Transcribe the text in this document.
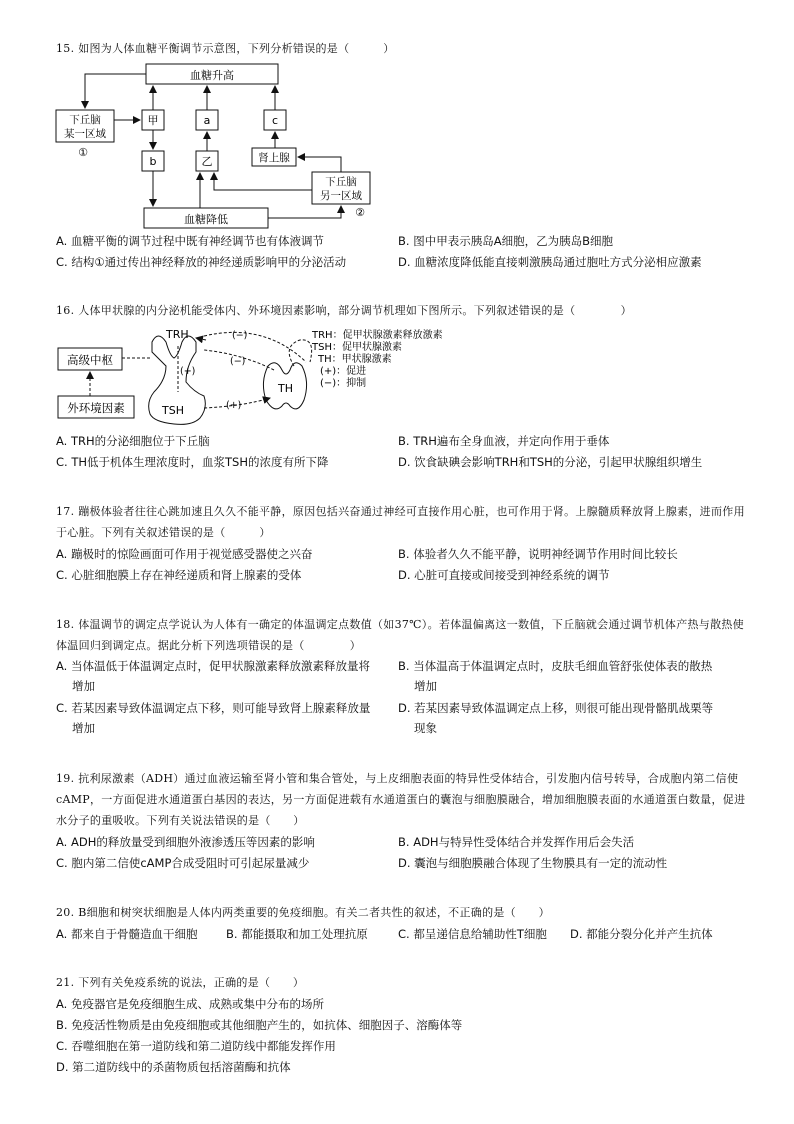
15. 如图为人体血糖平衡调节示意图，下列分析错误的是（　　　）
血糖升高
下丘脑
某一区域
①
甲	a	c
b	乙	肾上腺
下丘脑
另一区域
②
血糖降低
A. 血糖平衡的调节过程中既有神经调节也有体液调节	B. 图中甲表示胰岛A细胞，乙为胰岛B细胞
C. 结构①通过传出神经释放的神经递质影响甲的分泌活动	D. 血糖浓度降低能直接刺激胰岛通过胞吐方式分泌相应激素
16. 人体甲状腺的内分泌机能受体内、外环境因素影响，部分调节机理如下图所示。下列叙述错误的是（　　　　）
高级中枢
外环境因素
TRH
TSH
(+)
TH
(−)
(−)
(+)
TRH：促甲状腺激素释放激素
TSH：促甲状腺激素
TH：甲状腺激素
(+)：促进
(−)：抑制
A. TRH的分泌细胞位于下丘脑	B. TRH遍布全身血液，并定向作用于垂体
C. TH低于机体生理浓度时，血浆TSH的浓度有所下降	D. 饮食缺碘会影响TRH和TSH的分泌，引起甲状腺组织增生
17. 蹦极体验者往往心跳加速且久久不能平静，原因包括兴奋通过神经可直接作用心脏，也可作用于肾。上腺髓质释放肾上腺素，进而作用于心脏。下列有关叙述错误的是（　　　）
A. 蹦极时的惊险画面可作用于视觉感受器使之兴奋	B. 体验者久久不能平静，说明神经调节作用时间比较长
C. 心脏细胞膜上存在神经递质和肾上腺素的受体	D. 心脏可直接或间接受到神经系统的调节
18. 体温调节的调定点学说认为人体有一确定的体温调定点数值（如37℃）。若体温偏离这一数值，下丘脑就会通过调节机体产热与散热使体温回归到调定点。据此分析下列选项错误的是（　　　　）
A. 当体温低于体温调定点时，促甲状腺激素释放激素释放量将
增加
B. 当体温高于体温调定点时，皮肤毛细血管舒张使体表的散热
增加
C. 若某因素导致体温调定点下移，则可能导致肾上腺素释放量
增加
D. 若某因素导致体温调定点上移，则很可能出现骨骼肌战栗等
现象
19. 抗利尿激素（ADH）通过血液运输至肾小管和集合管处，与上皮细胞表面的特异性受体结合，引发胞内信号转导，合成胞内第二信使cAMP，一方面促进水通道蛋白基因的表达，另一方面促进载有水通道蛋白的囊泡与细胞膜融合，增加细胞膜表面的水通道蛋白数量，促进水分子的重吸收。下列有关说法错误的是（　　）
A. ADH的释放量受到细胞外液渗透压等因素的影响	B. ADH与特异性受体结合并发挥作用后会失活
C. 胞内第二信使cAMP合成受阻时可引起尿量减少	D. 囊泡与细胞膜融合体现了生物膜具有一定的流动性
20. B细胞和树突状细胞是人体内两类重要的免疫细胞。有关二者共性的叙述，不正确的是（　　）
A. 都来自于骨髓造血干细胞 B. 都能摄取和加工处理抗原	C. 都呈递信息给辅助性T细胞 D. 都能分裂分化并产生抗体
21. 下列有关免疫系统的说法，正确的是（　　）
A. 免疫器官是免疫细胞生成、成熟或集中分布的场所
B. 免疫活性物质是由免疫细胞或其他细胞产生的，如抗体、细胞因子、溶酶体等
C. 吞噬细胞在第一道防线和第二道防线中都能发挥作用
D. 第二道防线中的杀菌物质包括溶菌酶和抗体
